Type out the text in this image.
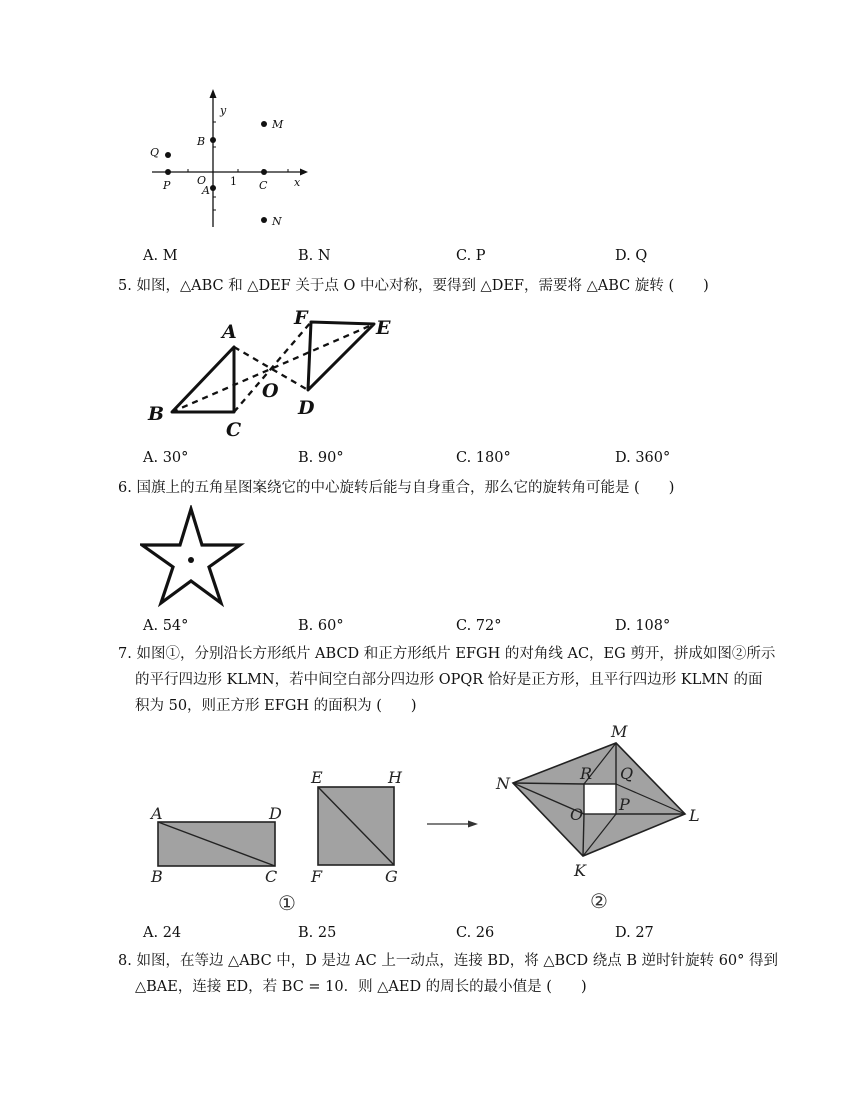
y
x
O 1
M
B
Q
P	A	C
N
A. M	B. N	C. P	D. Q
5. 如图，△ABC 和 △DEF 关于点 O 中心对称，要得到 △DEF，需要将 △ABC 旋转 (　　)
A
B
C
D
E
F
O
A. 30°	B. 90°	C. 180°	D. 360°
6. 国旗上的五角星图案绕它的中心旋转后能与自身重合，那么它的旋转角可能是 (　　)
A. 54°	B. 60°	C. 72°	D. 108°
7. 如图①，分别沿长方形纸片 ABCD 和正方形纸片 EFGH 的对角线 AC，EG 剪开，拼成如图②所示
的平行四边形 KLMN，若中间空白部分四边形 OPQR 恰好是正方形，且平行四边形 KLMN 的面
积为 50，则正方形 EFGH 的面积为 (　　)
A	D
B	C
E	H
F	G
M
N
R Q
O
P
L
K
①	②
A. 24	B. 25	C. 26	D. 27
8. 如图，在等边 △ABC 中，D 是边 AC 上一动点，连接 BD，将 △BCD 绕点 B 逆时针旋转 60° 得到
△BAE，连接 ED，若 BC = 10．则 △AED 的周长的最小值是 (　　)
